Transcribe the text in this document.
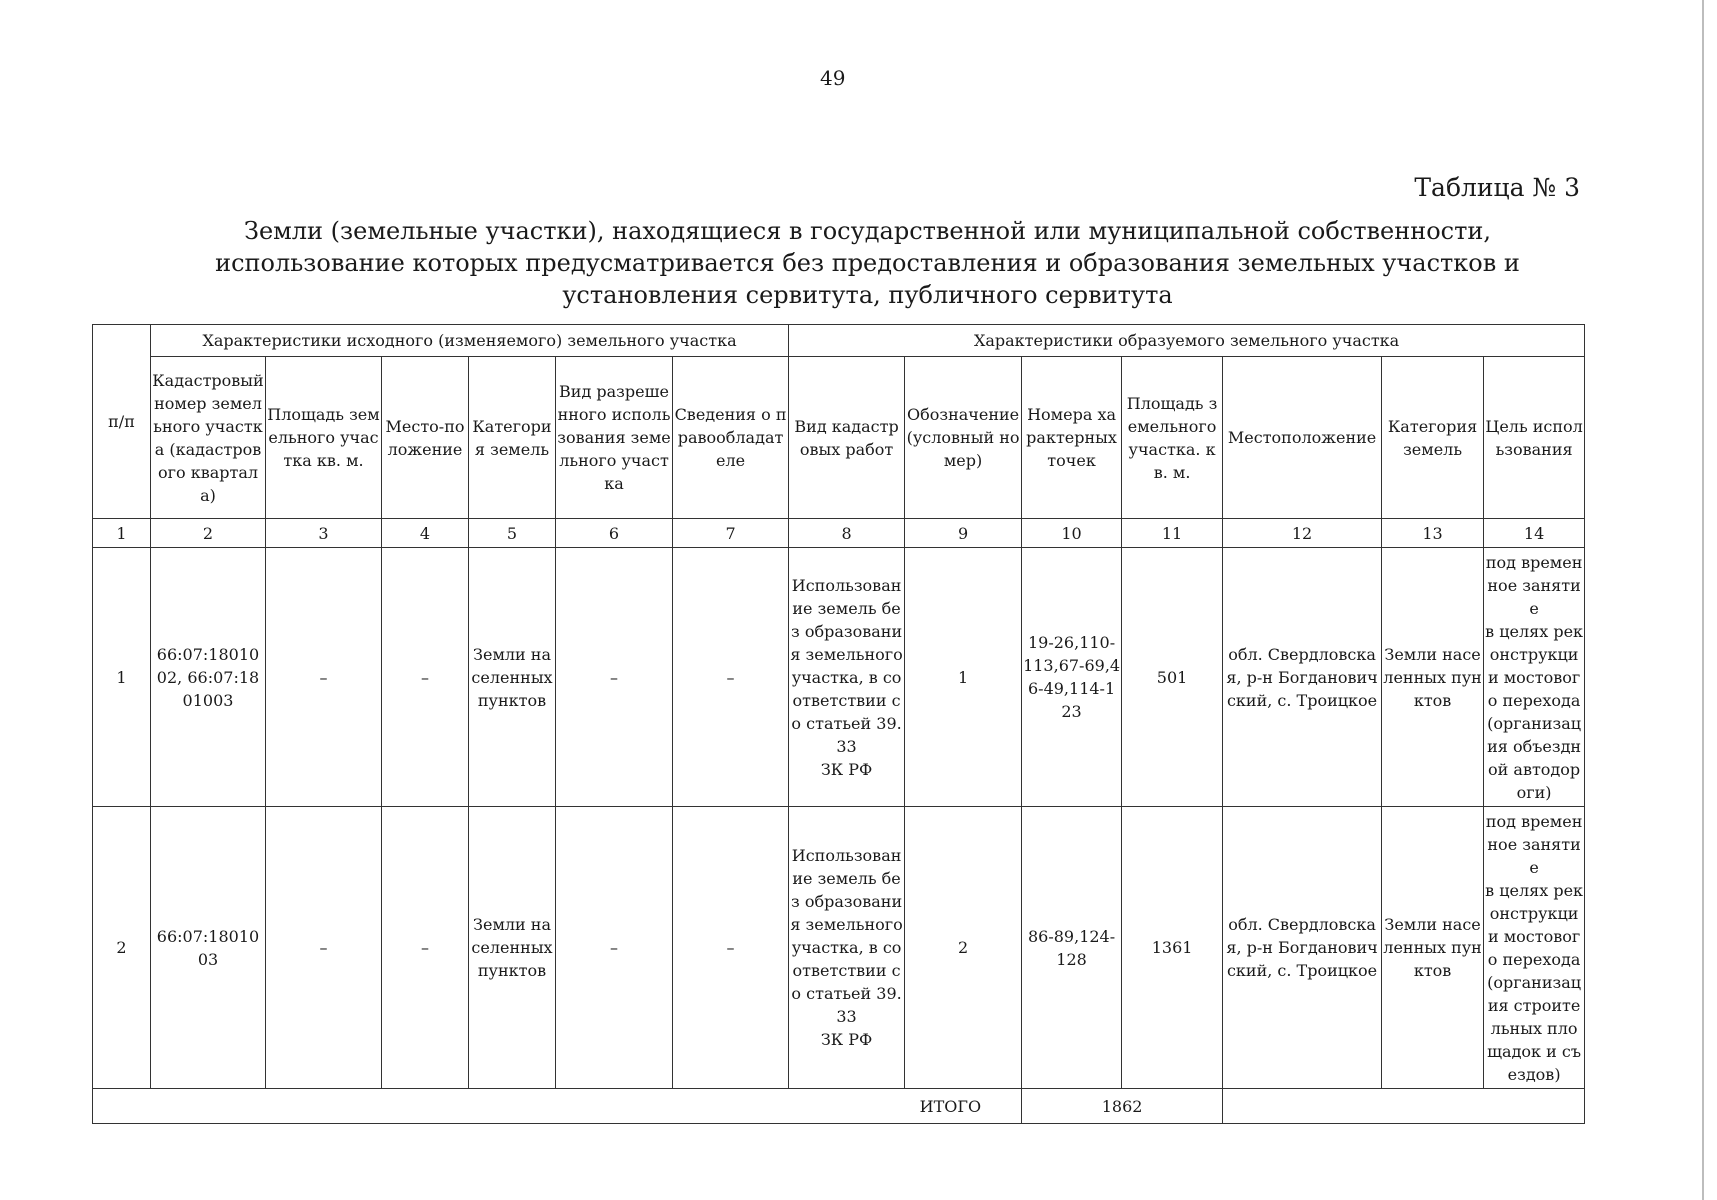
49
Таблица № 3
Земли (земельные участки), находящиеся в государственной или муниципальной собственности, использование которых предусматривается без предоставления и образования земельных участков и установления сервитута, публичного сервитута
п/п	Характеристики исходного (изменяемого) земельного участка						Характеристики образуемого земельного участка						
	Кадастровый номер земельного участка (кадастрового квартала)	Площадь земельного участка кв. м.	Место-положение	Категория земель	Вид разрешенного использования земельного участка	Сведения о правообладателе	Вид кадастровых работ	Обозначение (условный номер)	Номера характерных точек	Площадь земельного участка. кв. м.	Местоположение	Категория земель	Цель использования
1	2	3	4	5	6	7	8	9	10	11	12	13	14
1	66:07:1801002, 66:07:1801003	–	–	Земли населенных пунктов	–	–	Использование земель без образования земельного участка, в соответствии со статьей 39.33
ЗК РФ	1	19-26,110-113,67-69,46-49,114-123	501	обл. Свердловская, р-н Богдановичский, с. Троицкое	Земли населенных пунктов	под временное занятие
в целях реконструкции мостового перехода (организация объездной автодороги)
2	66:07:1801003	–	–	Земли населенных пунктов	–	–	Использование земель без образования земельного участка, в соответствии со статьей 39.33
ЗК РФ	2	86-89,124-128	1361	обл. Свердловская, р-н Богдановичский, с. Троицкое	Земли населенных пунктов	под временное занятие
в целях реконструкции мостового перехода (организация строительных площадок и съездов)
ИТОГО									1862				
